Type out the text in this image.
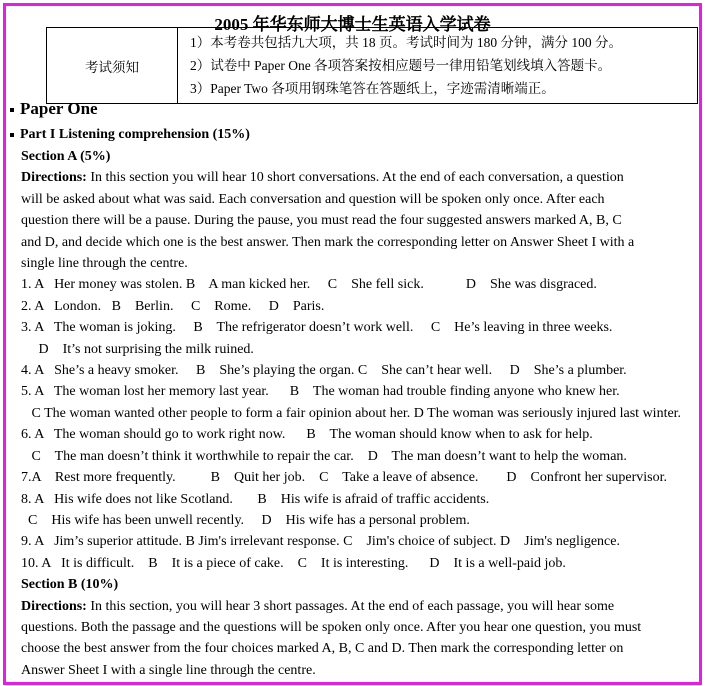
2005 年华东师大博士生英语入学试卷
考试须知	
1）本考卷共包括九大项，共 18 页。考试时间为 180 分钟，满分 100 分。
2）试卷中 Paper One 各项答案按相应题号一律用铅笔划线填入答题卡。
3）Paper Two 各项用钢珠笔答在答题纸上，字迹需清晰端正。
Paper One
Part I Listening comprehension (15%)
Section A (5%)
Directions: In this section you will hear 10 short conversations. At the end of each conversation, a question
will be asked about what was said. Each conversation and question will be spoken only once. After each
question there will be a pause. During the pause, you must read the four suggested answers marked A, B, C
and D, and decide which one is the best answer. Then mark the corresponding letter on Answer Sheet I with a
single line through the centre.
1. A   Her money was stolen. B    A man kicked her.     C    She fell sick.            D    She was disgraced.
2. A   London.   B    Berlin.     C    Rome.     D    Paris.
3. A   The woman is joking.     B    The refrigerator doesn’t work well.     C    He’s leaving in three weeks.
D    It’s not surprising the milk ruined.
4. A   She’s a heavy smoker.     B    She’s playing the organ. C    She can’t hear well.     D    She’s a plumber.
5. A   The woman lost her memory last year.      B    The woman had trouble finding anyone who knew her.
C The woman wanted other people to form a fair opinion about her. D The woman was seriously injured last winter.
6. A   The woman should go to work right now.      B    The woman should know when to ask for help.
C    The man doesn’t think it worthwhile to repair the car.    D    The man doesn’t want to help the woman.
7.A    Rest more frequently.          B    Quit her job.    C    Take a leave of absence.        D    Confront her supervisor.
8. A   His wife does not like Scotland.       B    His wife is afraid of traffic accidents.
C    His wife has been unwell recently.     D    His wife has a personal problem.
9. A   Jim’s superior attitude. B Jim's irrelevant response. C    Jim's choice of subject. D    Jim's negligence.
10. A   It is difficult.    B    It is a piece of cake.    C    It is interesting.      D    It is a well-paid job.
Section B (10%)
Directions: In this section, you will hear 3 short passages. At the end of each passage, you will hear some
questions. Both the passage and the questions will be spoken only once. After you hear one question, you must
choose the best answer from the four choices marked A, B, C and D. Then mark the corresponding letter on
Answer Sheet I with a single line through the centre.
